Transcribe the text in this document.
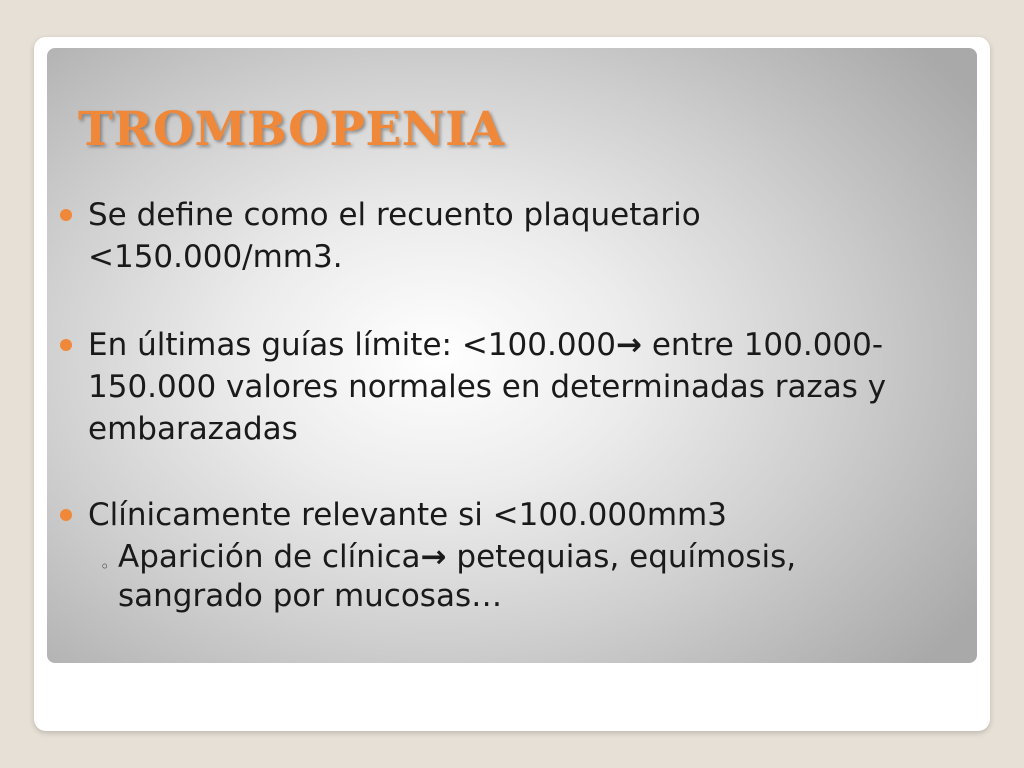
TROMBOPENIA
Se define como el recuento plaquetario <150.000/mm3.
En últimas guías límite: <100.000→ entre 100.000-150.000 valores normales en determinadas razas y embarazadas
Clínicamente relevante si <100.000mm3
◦ Aparición de clínica→ petequias, equímosis, sangrado por mucosas…
